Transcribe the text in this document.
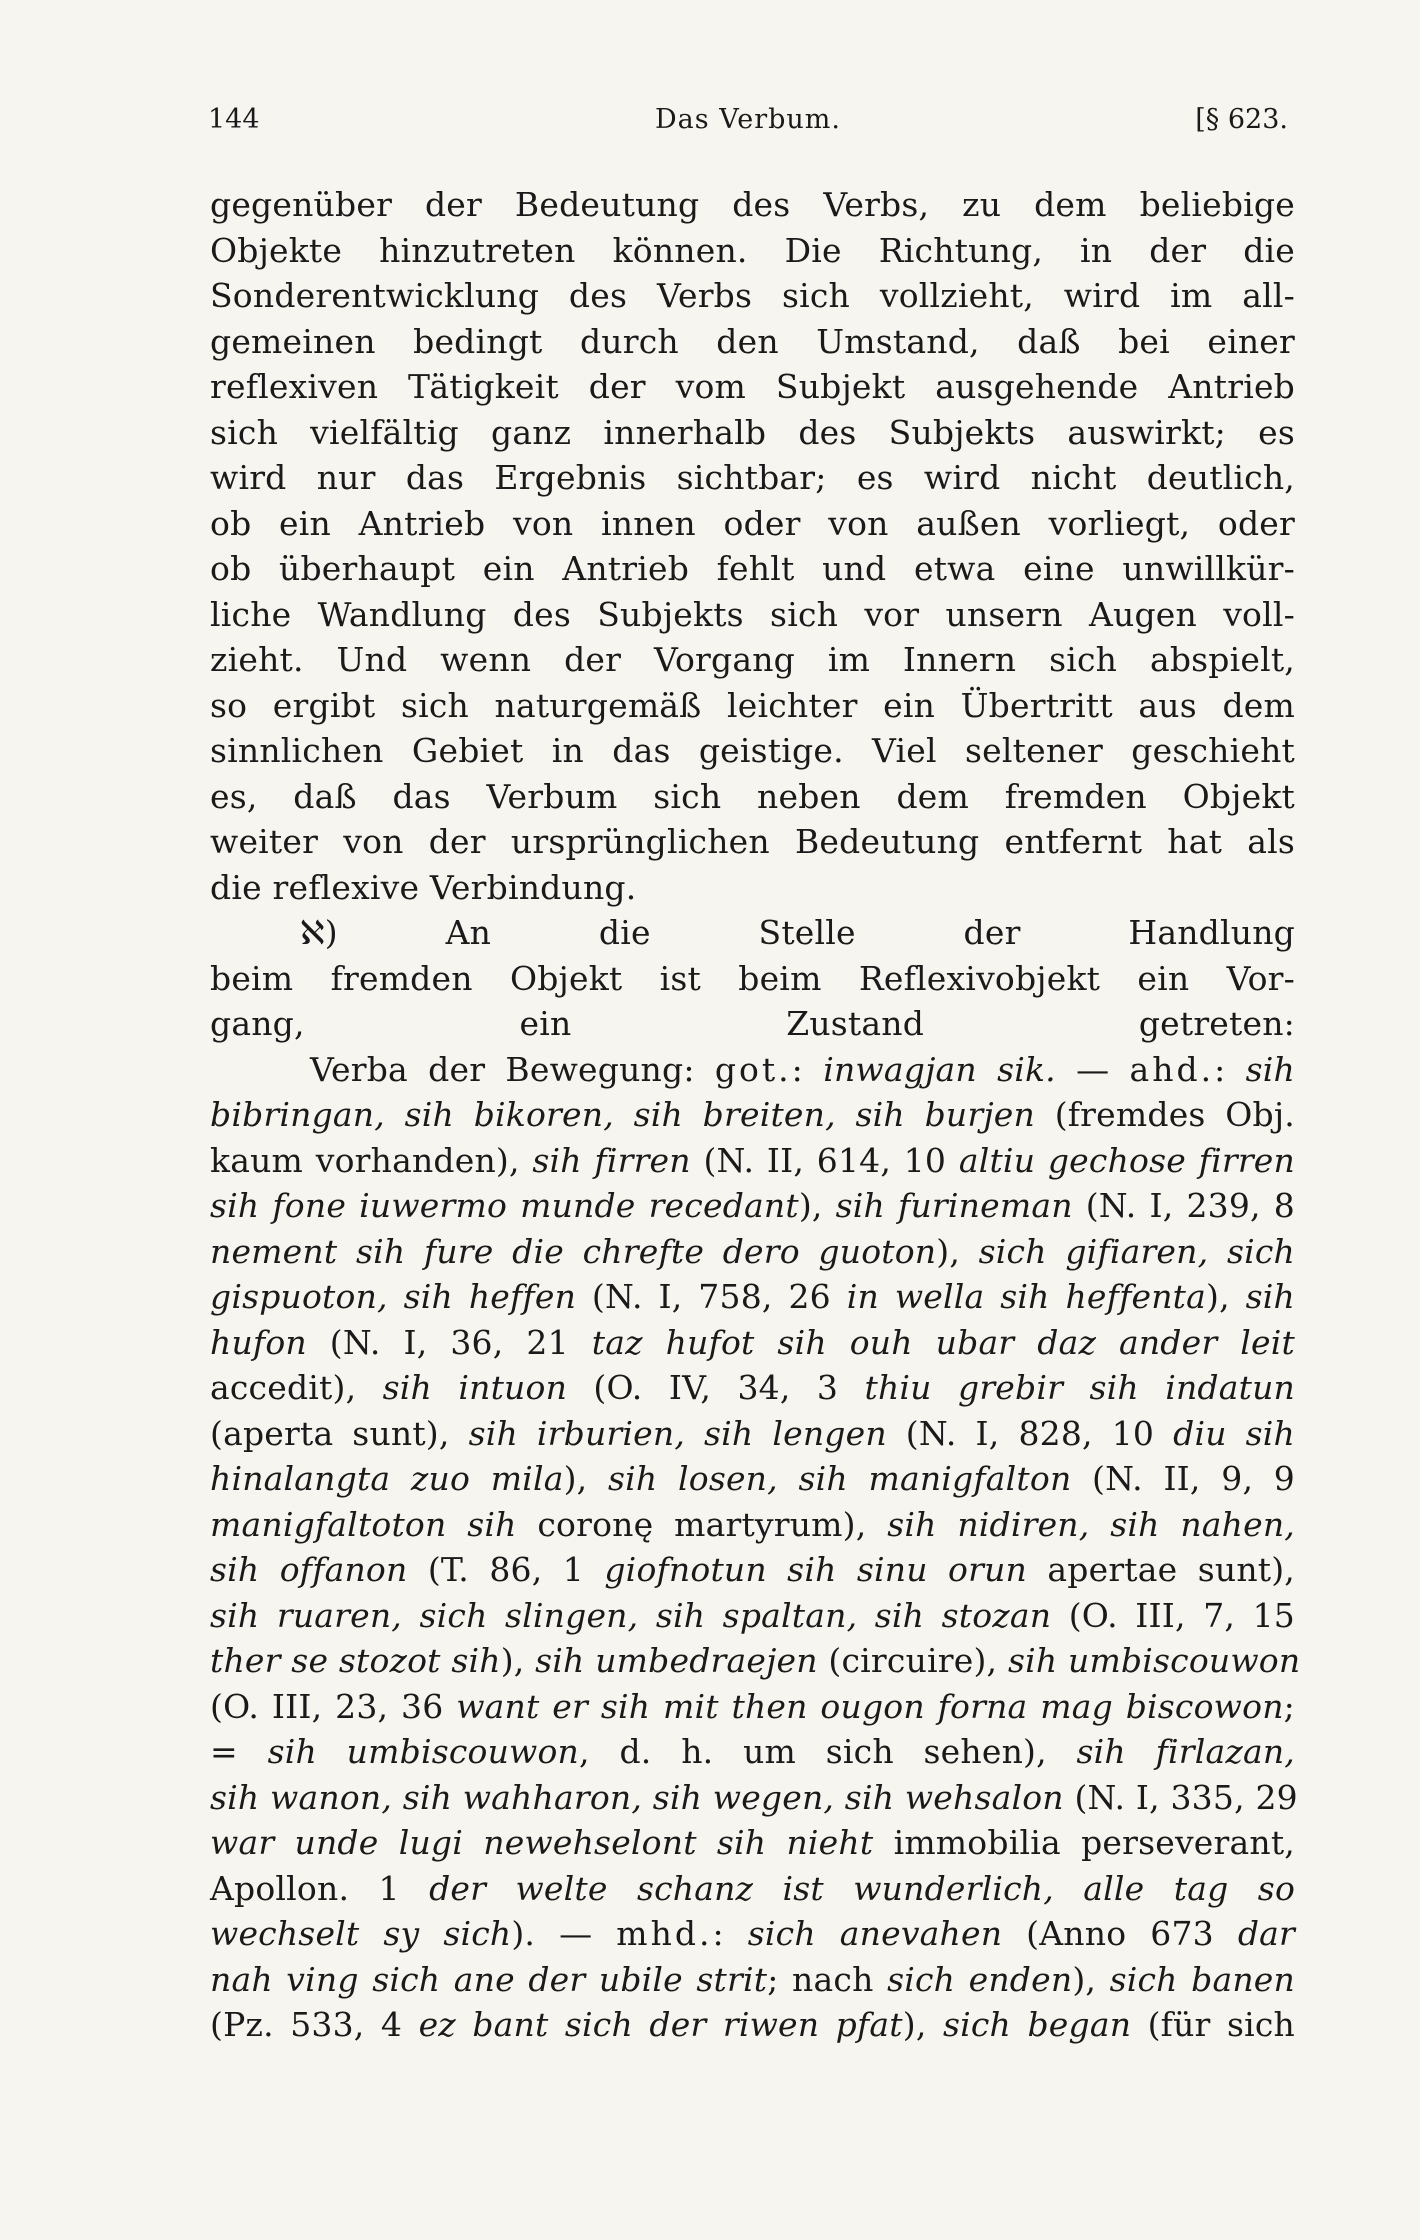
144	Das Verbum.	[§ 623.
gegenüber der Bedeutung des Verbs, zu dem beliebige
Objekte hinzutreten können. Die Richtung, in der die
Sonderentwicklung des Verbs sich vollzieht, wird im all-
gemeinen bedingt durch den Umstand, daß bei einer
reflexiven Tätigkeit der vom Subjekt ausgehende Antrieb
sich vielfältig ganz innerhalb des Subjekts auswirkt; es
wird nur das Ergebnis sichtbar; es wird nicht deutlich,
ob ein Antrieb von innen oder von außen vorliegt, oder
ob überhaupt ein Antrieb fehlt und etwa eine unwillkür-
liche Wandlung des Subjekts sich vor unsern Augen voll-
zieht. Und wenn der Vorgang im Innern sich abspielt,
so ergibt sich naturgemäß leichter ein Übertritt aus dem
sinnlichen Gebiet in das geistige. Viel seltener geschieht
es, daß das Verbum sich neben dem fremden Objekt
weiter von der ursprünglichen Bedeutung entfernt hat als
die reflexive Verbindung.
ℵ) An die Stelle der Handlung
beim fremden Objekt ist beim Reflexivobjekt ein Vor-
gang, ein Zustand getreten:
Verba der Bewegung: got.: inwagjan sik. — ahd.: sih
bibringan, sih bikoren, sih breiten, sih burjen (fremdes Obj.
kaum vorhanden), sih firren (N. II, 614, 10 altiu gechose firren
sih fone iuwermo munde recedant), sih furineman (N. I, 239, 8
nement sih fure die chrefte dero guoton), sich gifiaren, sich
gispuoton, sih heffen (N. I, 758, 26 in wella sih heffenta), sih
hufon (N. I, 36, 21 taz hufot sih ouh ubar daz ander leit
accedit), sih intuon (O. IV, 34, 3 thiu grebir sih indatun
(aperta sunt), sih irburien, sih lengen (N. I, 828, 10 diu sih
hinalangta zuo mila), sih losen, sih manigfalton (N. II, 9, 9
manigfaltoton sih coronę martyrum), sih nidiren, sih nahen,
sih offanon (T. 86, 1 giofnotun sih sinu orun apertae sunt),
sih ruaren, sich slingen, sih spaltan, sih stozan (O. III, 7, 15
ther se stozot sih), sih umbedraejen (circuire), sih umbiscouwon
(O. III, 23, 36 want er sih mit then ougon forna mag biscowon;
= sih umbiscouwon, d. h. um sich sehen), sih firlazan,
sih wanon, sih wahharon, sih wegen, sih wehsalon (N. I, 335, 29
war unde lugi newehselont sih nieht immobilia perseverant,
Apollon. 1 der welte schanz ist wunderlich, alle tag so
wechselt sy sich). — mhd.: sich anevahen (Anno 673 dar
nah ving sich ane der ubile strit; nach sich enden), sich banen
(Pz. 533, 4 ez bant sich der riwen pfat), sich began (für sich
